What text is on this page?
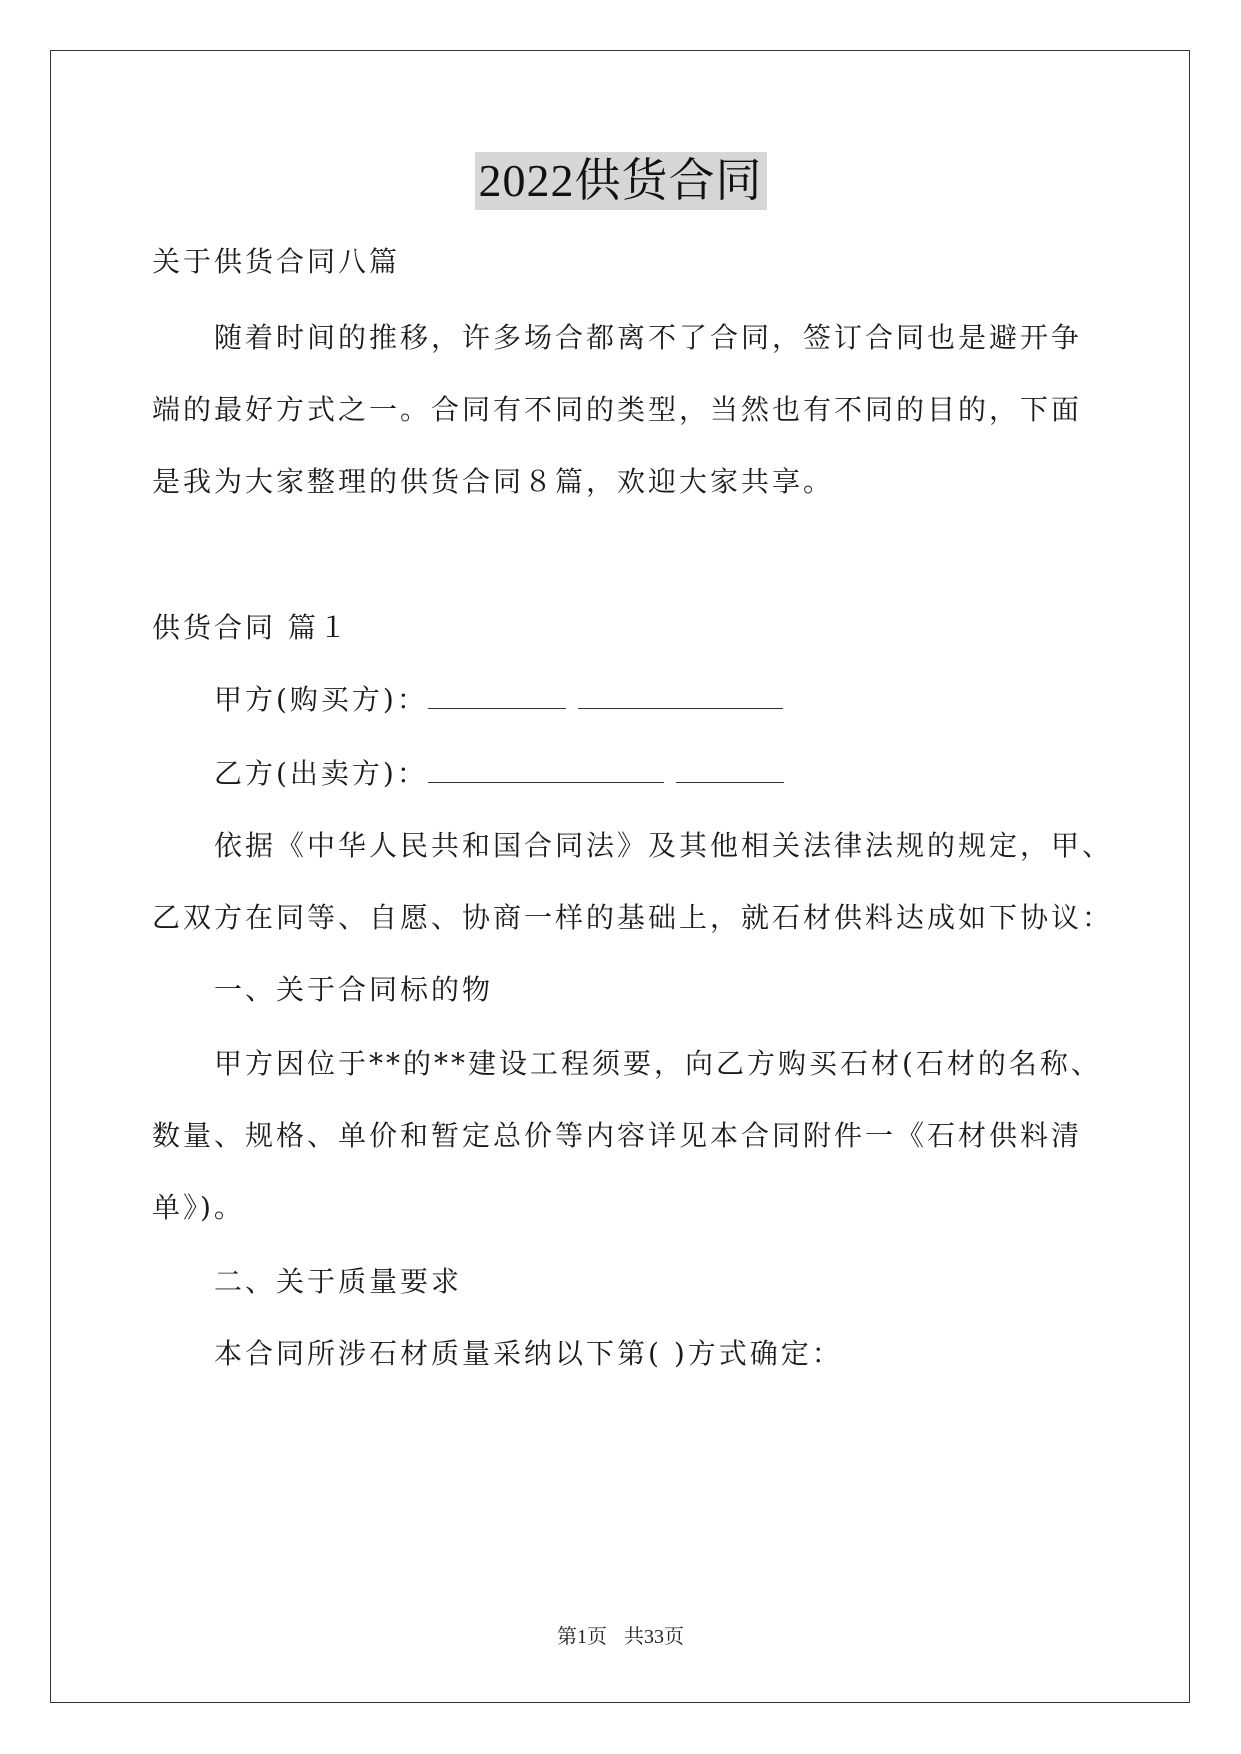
2022供货合同
关于供货合同八篇
随着时间的推移，许多场合都离不了合同，签订合同也是避开争
端的最好方式之一。合同有不同的类型，当然也有不同的目的，下面
是我为大家整理的供货合同８篇，欢迎大家共享。
供货合同 篇１
甲方(购买方)：
乙方(出卖方)：
依据《中华人民共和国合同法》及其他相关法律法规的规定，甲、
乙双方在同等、自愿、协商一样的基础上，就石材供料达成如下协议：
一、关于合同标的物
甲方因位于**的**建设工程须要，向乙方购买石材(石材的名称、
数量、规格、单价和暂定总价等内容详见本合同附件一《石材供料清
单》)。
二、关于质量要求
本合同所涉石材质量采纳以下第( )方式确定：
第1页 共33页
